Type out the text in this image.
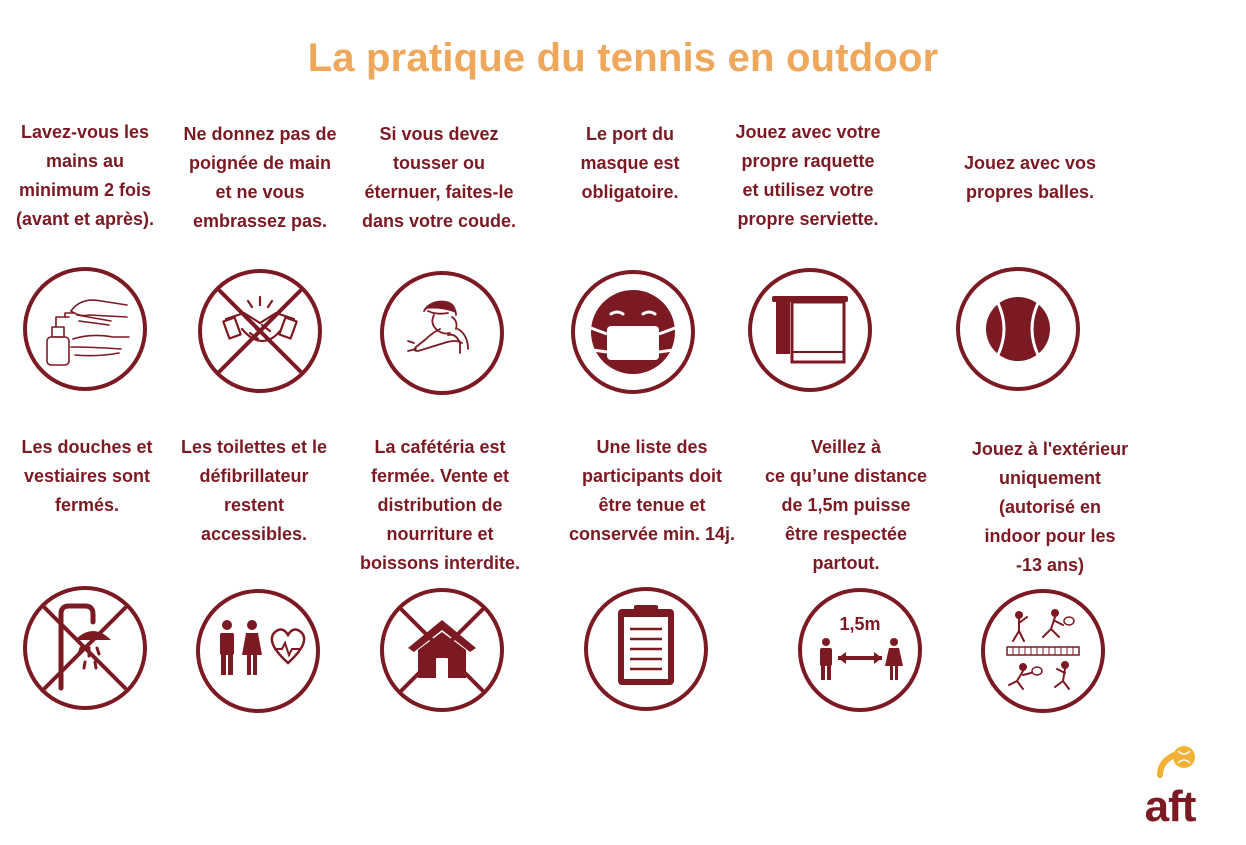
La pratique du tennis en outdoor
Lavez-vous les
mains au
minimum 2 fois
(avant et après).
Ne donnez pas de
poignée de main
et ne vous
embrassez pas.
Si vous devez
tousser ou
éternuer, faites-le
dans votre coude.
Le port du
masque est
obligatoire.
Jouez avec votre
propre raquette
et utilisez votre
propre serviette.
Jouez avec vos
propres balles.
Les douches et
vestiaires sont
fermés.
Les toilettes et le
défibrillateur
restent
accessibles.
La cafétéria est
fermée. Vente et
distribution de
nourriture et
boissons interdite.
Une liste des
participants doit
être tenue et
conservée min. 14j.
Veillez à
ce qu’une distance
de 1,5m puisse
être respectée
partout.
Jouez à l'extérieur
uniquement
(autorisé en
indoor pour les
-13 ans)
1,5m
aft
